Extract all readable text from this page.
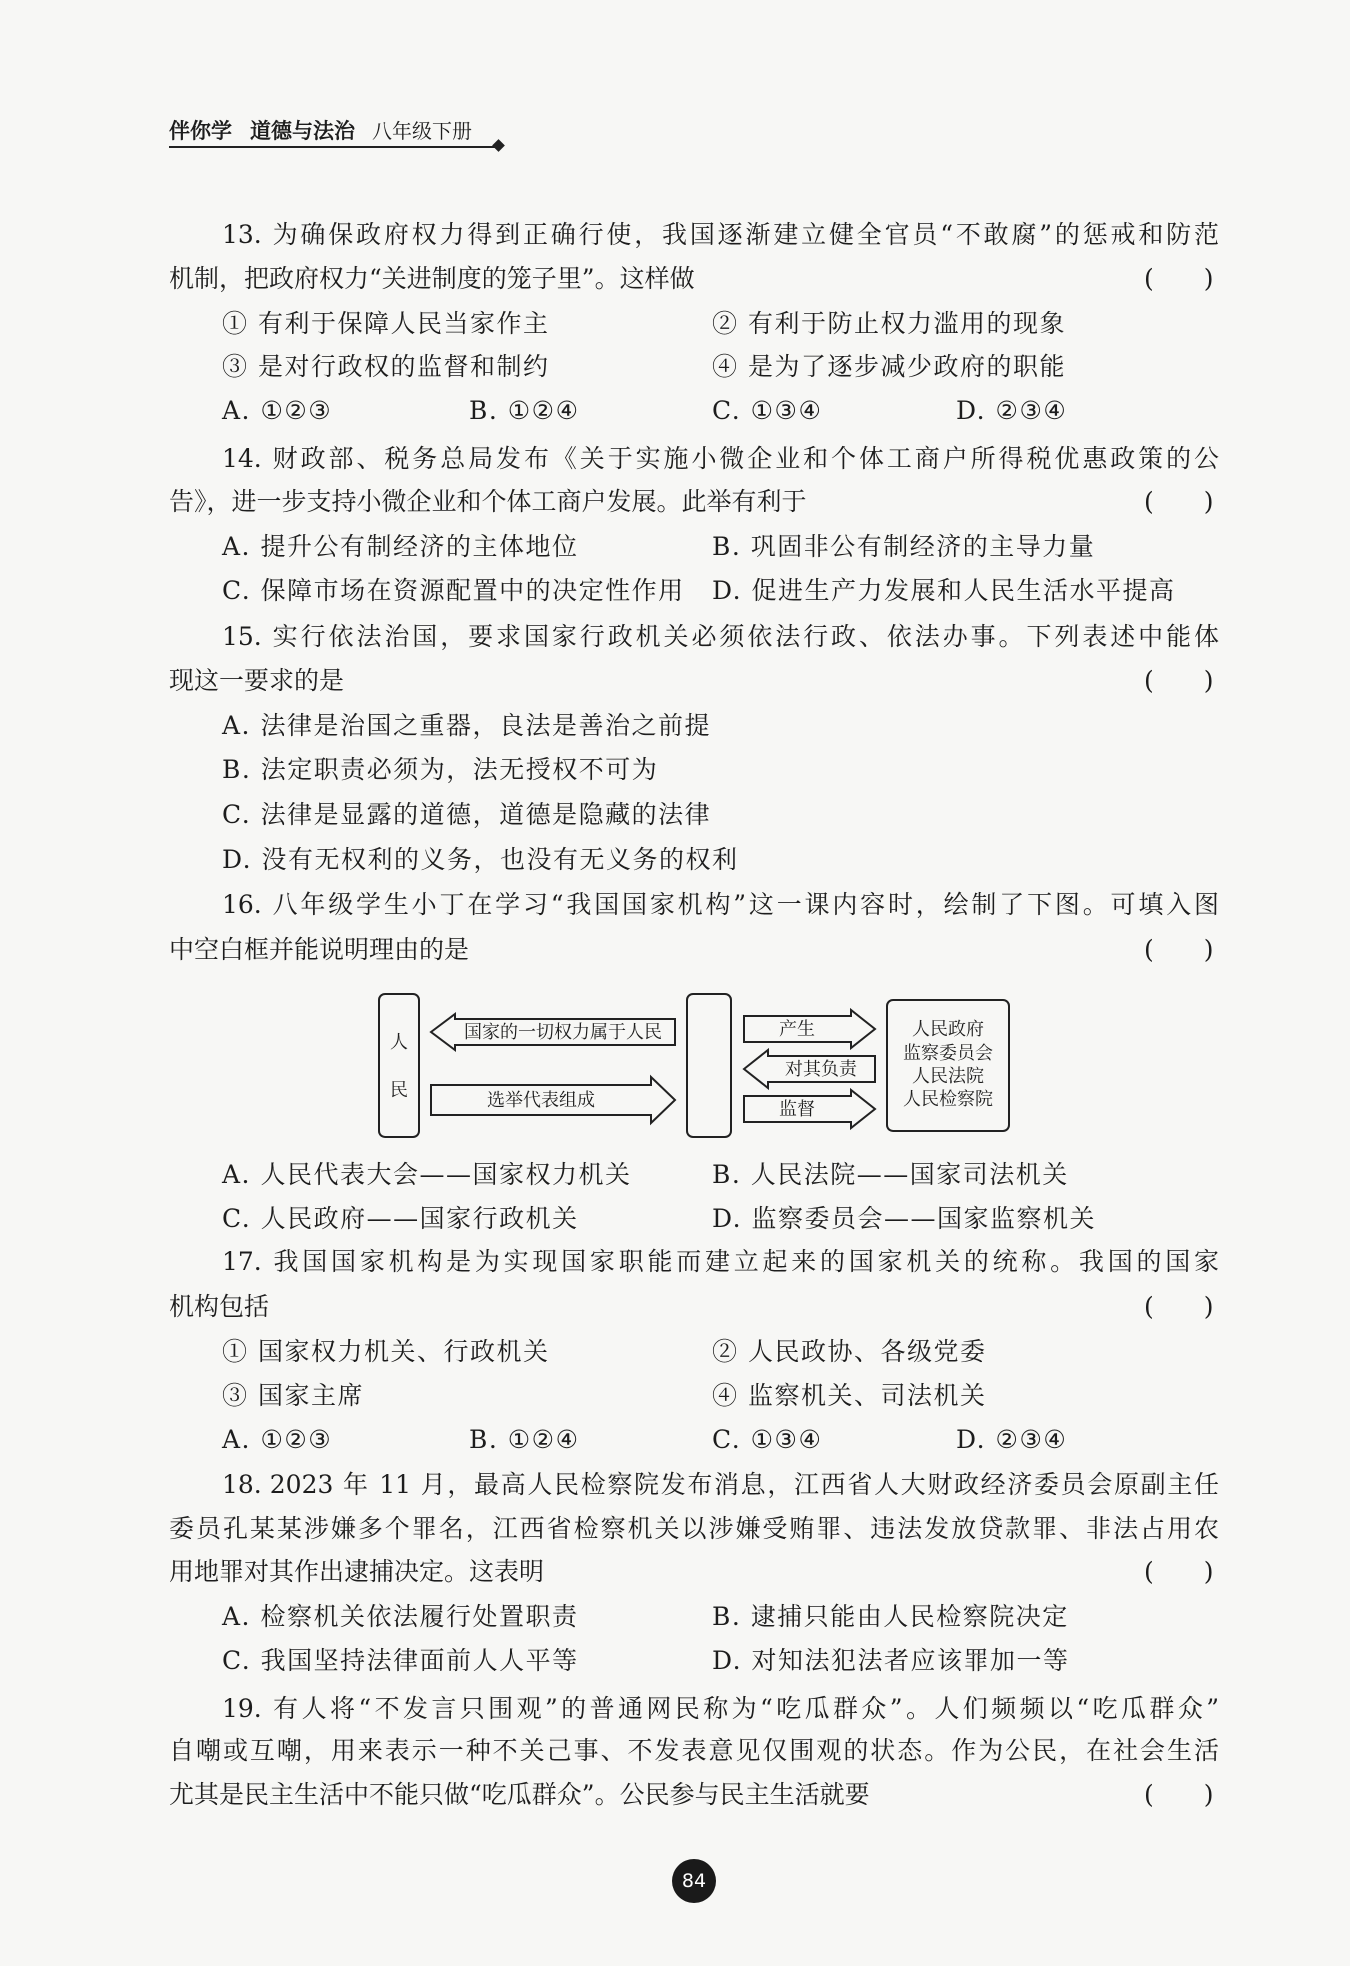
伴你学 道德与法治 八年级下册
13. 为确保政府权力得到正确行使，我国逐渐建立健全官员“不敢腐”的惩戒和防范
机制，把政府权力“关进制度的笼子里”。这样做	(　　)
① 有利于保障人民当家作主	② 有利于防止权力滥用的现象
③ 是对行政权的监督和制约	④ 是为了逐步减少政府的职能
A. ①②③	B. ①②④	C. ①③④	D. ②③④
14. 财政部、税务总局发布《关于实施小微企业和个体工商户所得税优惠政策的公
告》，进一步支持小微企业和个体工商户发展。此举有利于	(　　)
A. 提升公有制经济的主体地位	B. 巩固非公有制经济的主导力量
C. 保障市场在资源配置中的决定性作用 D. 促进生产力发展和人民生活水平提高
15. 实行依法治国，要求国家行政机关必须依法行政、依法办事。下列表述中能体
现这一要求的是	(　　)
A. 法律是治国之重器，良法是善治之前提
B. 法定职责必须为，法无授权不可为
C. 法律是显露的道德，道德是隐藏的法律
D. 没有无权利的义务，也没有无义务的权利
16. 八年级学生小丁在学习“我国国家机构”这一课内容时，绘制了下图。可填入图
中空白框并能说明理由的是	(　　)
人
民
国家的一切权力属于人民
选举代表组成
产生
对其负责
监督
人民政府
监察委员会
人民法院
人民检察院
A. 人民代表大会——国家权力机关	B. 人民法院——国家司法机关
C. 人民政府——国家行政机关	D. 监察委员会——国家监察机关
17. 我国国家机构是为实现国家职能而建立起来的国家机关的统称。我国的国家
机构包括	(　　)
① 国家权力机关、行政机关	② 人民政协、各级党委
③ 国家主席	④ 监察机关、司法机关
A. ①②③	B. ①②④	C. ①③④	D. ②③④
18. 2023 年 11 月，最高人民检察院发布消息，江西省人大财政经济委员会原副主任
委员孔某某涉嫌多个罪名，江西省检察机关以涉嫌受贿罪、违法发放贷款罪、非法占用农
用地罪对其作出逮捕决定。这表明	(　　)
A. 检察机关依法履行处置职责	B. 逮捕只能由人民检察院决定
C. 我国坚持法律面前人人平等	D. 对知法犯法者应该罪加一等
19. 有人将“不发言只围观”的普通网民称为“吃瓜群众”。人们频频以“吃瓜群众”
自嘲或互嘲，用来表示一种不关己事、不发表意见仅围观的状态。作为公民，在社会生活
尤其是民主生活中不能只做“吃瓜群众”。公民参与民主生活就要	(　　)
84
